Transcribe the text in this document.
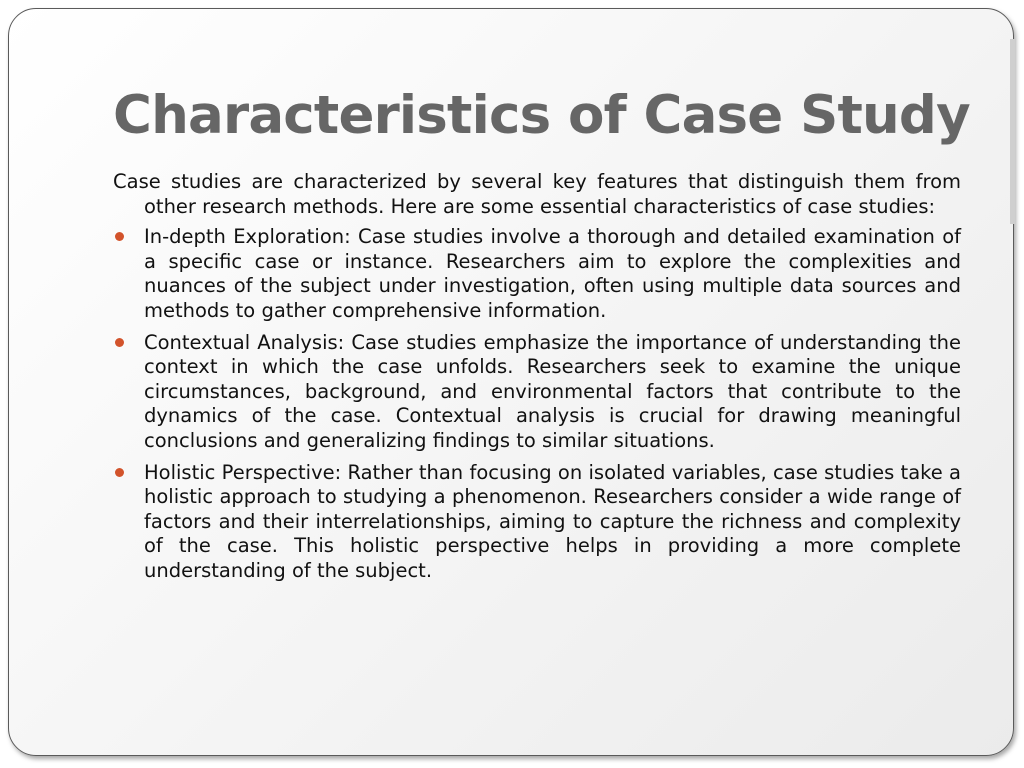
Characteristics of Case Study

Case studies are characterized by several key features that distinguish them from other research methods. Here are some essential characteristics of case studies:

In-depth Exploration: Case studies involve a thorough and detailed examination of a specific case or instance. Researchers aim to explore the complexities and nuances of the subject under investigation, often using multiple data sources and methods to gather comprehensive information.
Contextual Analysis: Case studies emphasize the importance of understanding the context in which the case unfolds. Researchers seek to examine the unique circumstances, background, and environmental factors that contribute to the dynamics of the case. Contextual analysis is crucial for drawing meaningful conclusions and generalizing findings to similar situations.
Holistic Perspective: Rather than focusing on isolated variables, case studies take a holistic approach to studying a phenomenon. Researchers consider a wide range of factors and their interrelationships, aiming to capture the richness and complexity of the case. This holistic perspective helps in providing a more complete understanding of the subject.
